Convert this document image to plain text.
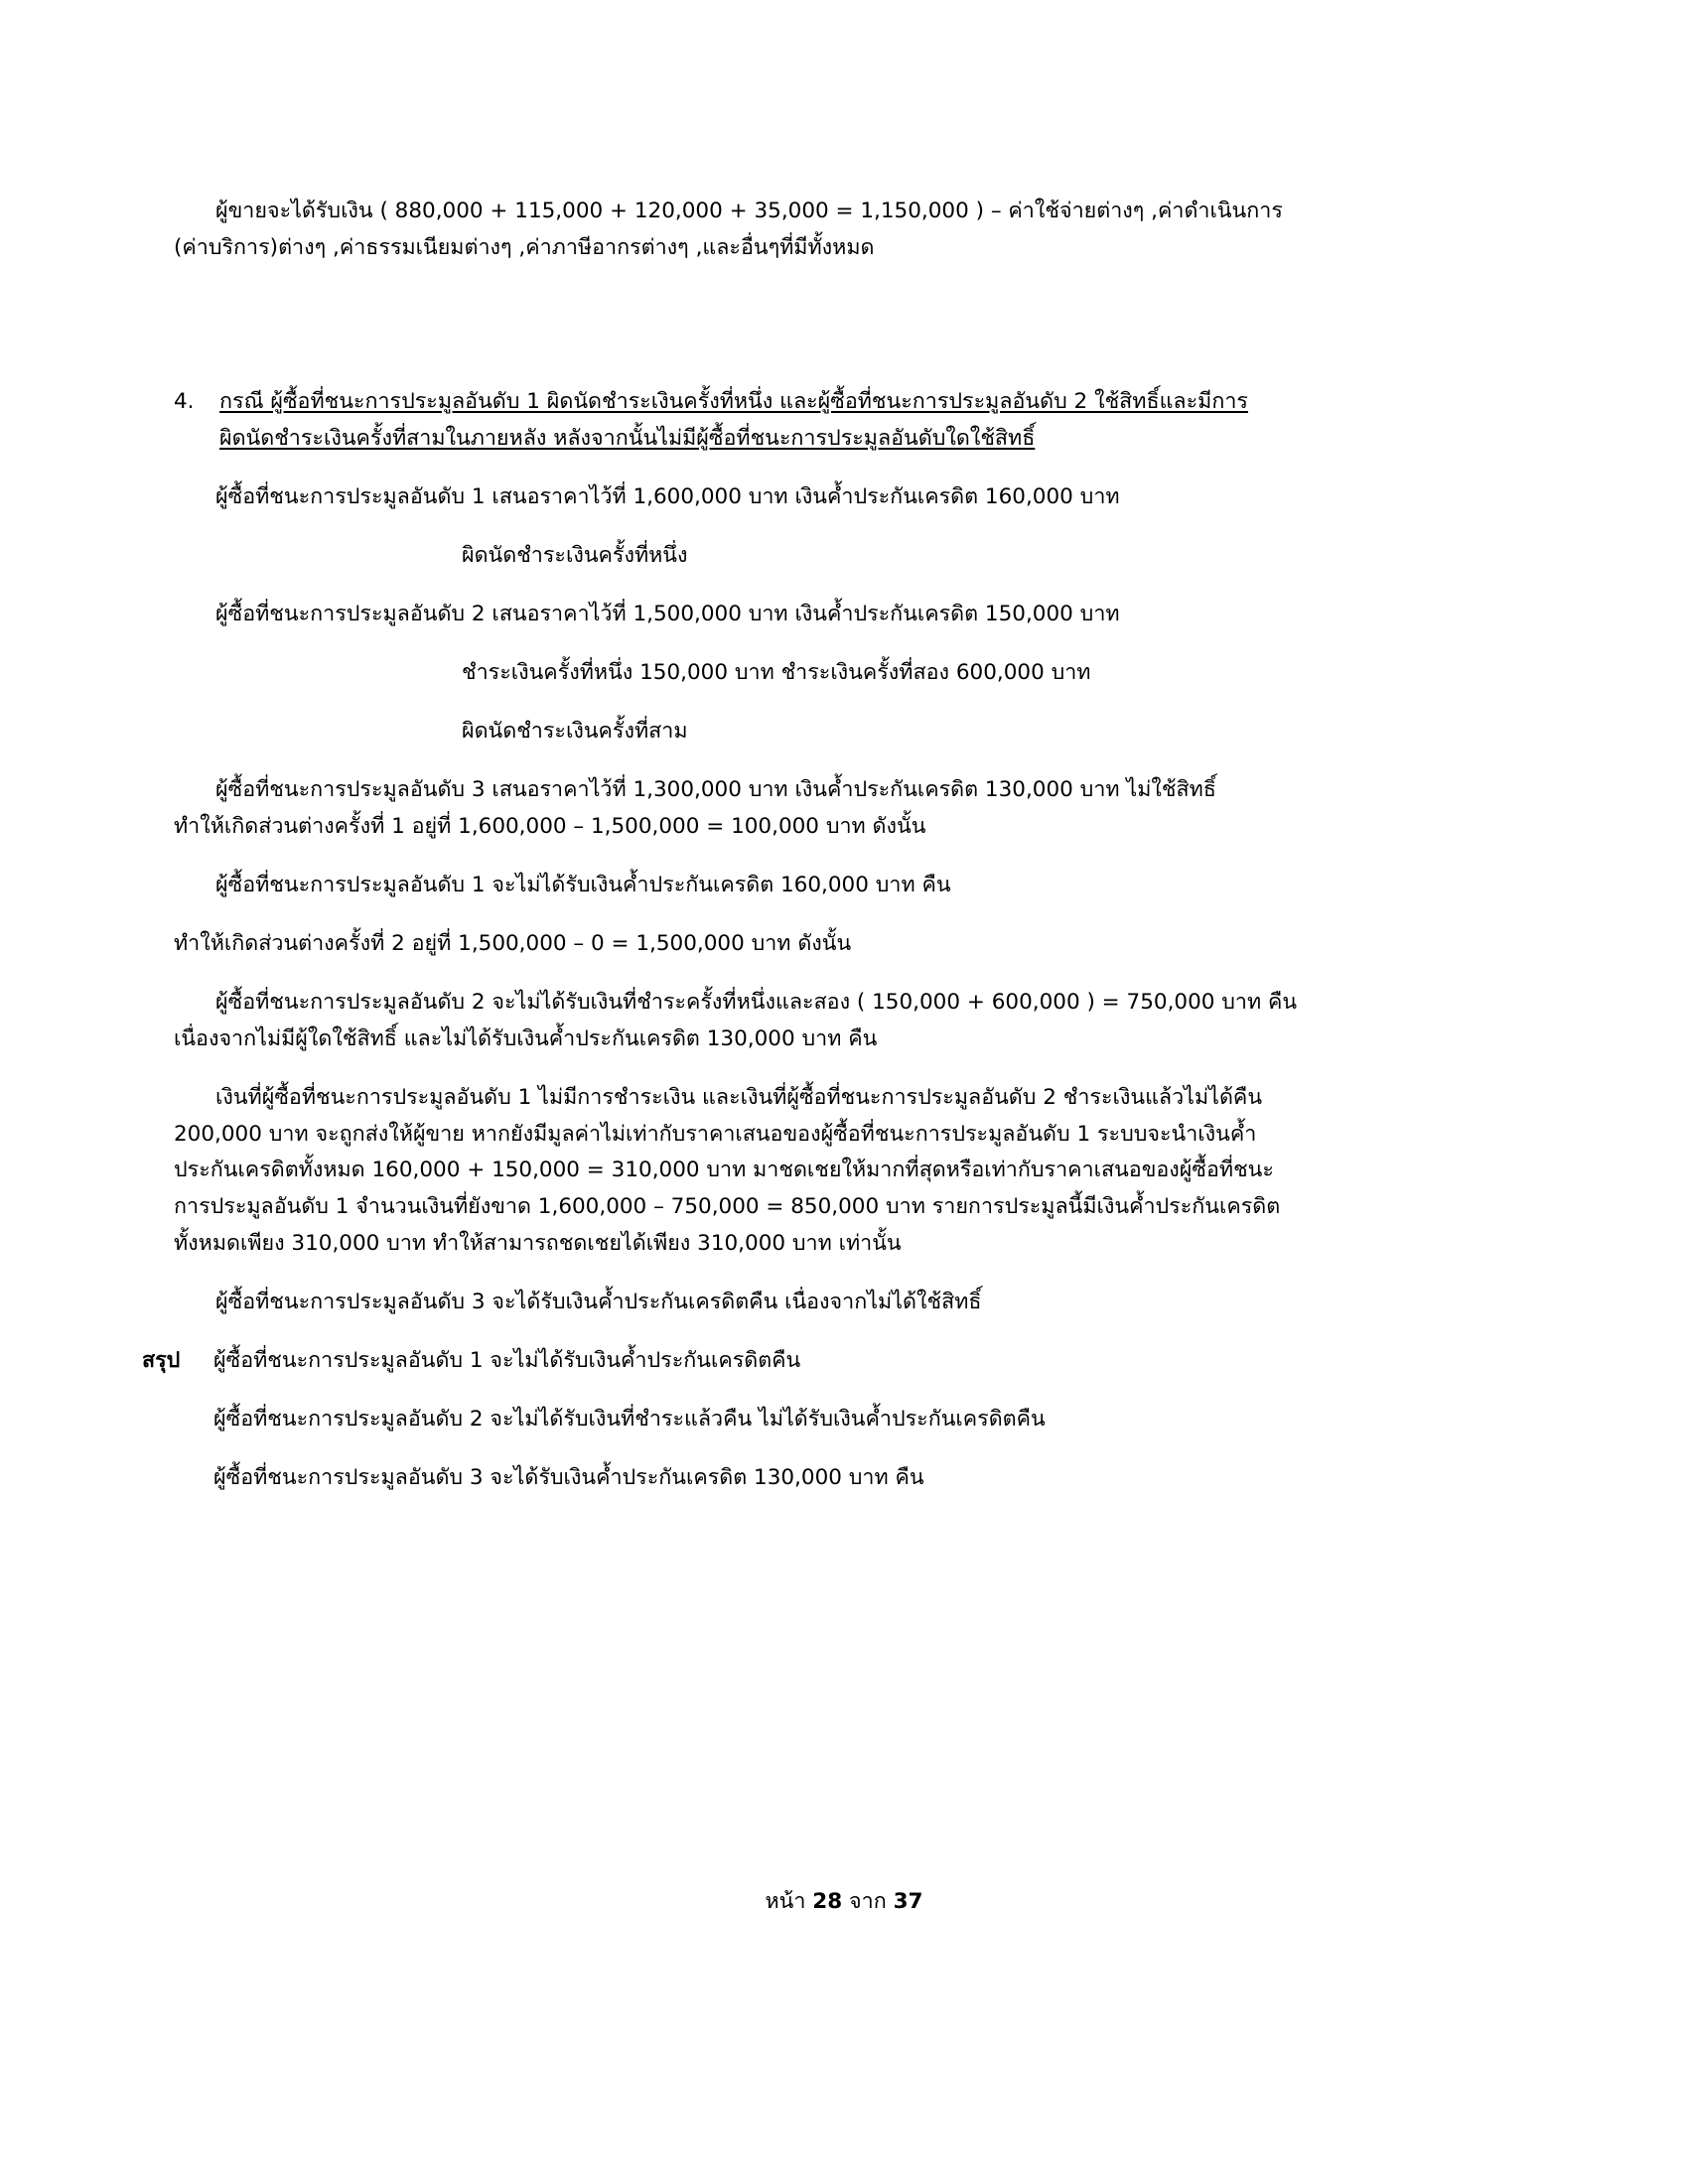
ผู้ขายจะได้รับเงิน ( 880,000 + 115,000 + 120,000 + 35,000 = 1,150,000 ) – ค่าใช้จ่ายต่างๆ ,ค่าดำเนินการ

(ค่าบริการ)ต่างๆ ,ค่าธรรมเนียมต่างๆ ,ค่าภาษีอากรต่างๆ ,และอื่นๆที่มีทั้งหมด

4.	กรณี ผู้ซื้อที่ชนะการประมูลอันดับ 1 ผิดนัดชำระเงินครั้งที่หนึ่ง และผู้ซื้อที่ชนะการประมูลอันดับ 2 ใช้สิทธิ์และมีการ
ผิดนัดชำระเงินครั้งที่สามในภายหลัง หลังจากนั้นไม่มีผู้ซื้อที่ชนะการประมูลอันดับใดใช้สิทธิ์

ผู้ซื้อที่ชนะการประมูลอันดับ 1 เสนอราคาไว้ที่ 1,600,000 บาท เงินค้ำประกันเครดิต 160,000 บาท

ผิดนัดชำระเงินครั้งที่หนึ่ง

ผู้ซื้อที่ชนะการประมูลอันดับ 2 เสนอราคาไว้ที่ 1,500,000 บาท เงินค้ำประกันเครดิต 150,000 บาท

ชำระเงินครั้งที่หนึ่ง 150,000 บาท ชำระเงินครั้งที่สอง 600,000 บาท

ผิดนัดชำระเงินครั้งที่สาม

ผู้ซื้อที่ชนะการประมูลอันดับ 3 เสนอราคาไว้ที่ 1,300,000 บาท เงินค้ำประกันเครดิต 130,000 บาท ไม่ใช้สิทธิ์

ทำให้เกิดส่วนต่างครั้งที่ 1 อยู่ที่ 1,600,000 – 1,500,000 = 100,000 บาท ดังนั้น

ผู้ซื้อที่ชนะการประมูลอันดับ 1 จะไม่ได้รับเงินค้ำประกันเครดิต 160,000 บาท คืน

ทำให้เกิดส่วนต่างครั้งที่ 2 อยู่ที่ 1,500,000 – 0 = 1,500,000 บาท ดังนั้น

ผู้ซื้อที่ชนะการประมูลอันดับ 2 จะไม่ได้รับเงินที่ชำระครั้งที่หนึ่งและสอง ( 150,000 + 600,000 ) = 750,000 บาท คืน

เนื่องจากไม่มีผู้ใดใช้สิทธิ์ และไม่ได้รับเงินค้ำประกันเครดิต 130,000 บาท คืน

เงินที่ผู้ซื้อที่ชนะการประมูลอันดับ 1 ไม่มีการชำระเงิน และเงินที่ผู้ซื้อที่ชนะการประมูลอันดับ 2 ชำระเงินแล้วไม่ได้คืน

200,000 บาท จะถูกส่งให้ผู้ขาย หากยังมีมูลค่าไม่เท่ากับราคาเสนอของผู้ซื้อที่ชนะการประมูลอันดับ 1 ระบบจะนำเงินค้ำ

ประกันเครดิตทั้งหมด 160,000 + 150,000 = 310,000 บาท มาชดเชยให้มากที่สุดหรือเท่ากับราคาเสนอของผู้ซื้อที่ชนะ

การประมูลอันดับ 1 จำนวนเงินที่ยังขาด 1,600,000 – 750,000 = 850,000 บาท รายการประมูลนี้มีเงินค้ำประกันเครดิต

ทั้งหมดเพียง 310,000 บาท ทำให้สามารถชดเชยได้เพียง 310,000 บาท เท่านั้น

ผู้ซื้อที่ชนะการประมูลอันดับ 3 จะได้รับเงินค้ำประกันเครดิตคืน เนื่องจากไม่ได้ใช้สิทธิ์

สรุป	ผู้ซื้อที่ชนะการประมูลอันดับ 1 จะไม่ได้รับเงินค้ำประกันเครดิตคืน
ผู้ซื้อที่ชนะการประมูลอันดับ 2 จะไม่ได้รับเงินที่ชำระแล้วคืน ไม่ได้รับเงินค้ำประกันเครดิตคืน
ผู้ซื้อที่ชนะการประมูลอันดับ 3 จะได้รับเงินค้ำประกันเครดิต 130,000 บาท คืน
หน้า 28 จาก 37
